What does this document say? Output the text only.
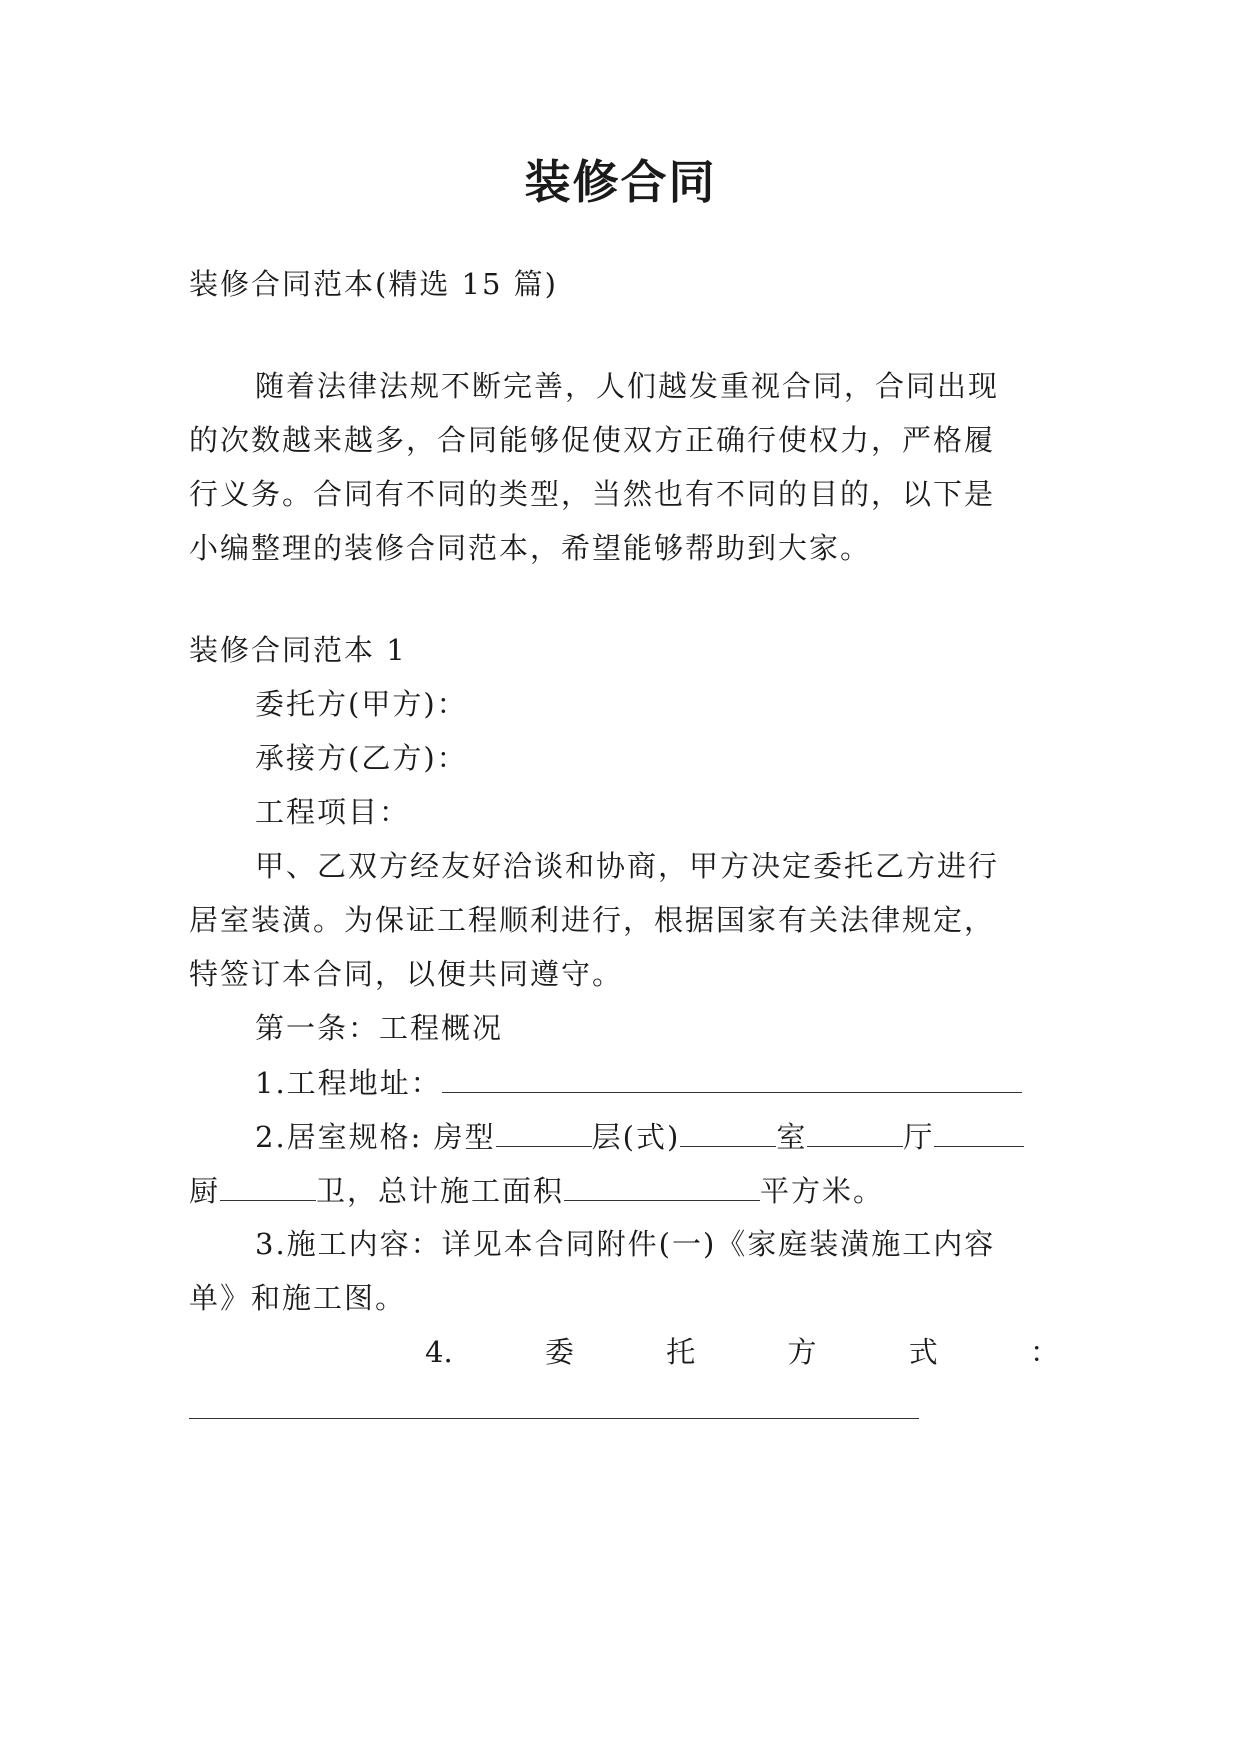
装修合同
装修合同范本(精选 15 篇)
随着法律法规不断完善，人们越发重视合同，合同出现
的次数越来越多，合同能够促使双方正确行使权力，严格履
行义务。合同有不同的类型，当然也有不同的目的，以下是
小编整理的装修合同范本，希望能够帮助到大家。
装修合同范本 1
委托方(甲方)：
承接方(乙方)：
工程项目：
甲、乙双方经友好洽谈和协商，甲方决定委托乙方进行
居室装潢。为保证工程顺利进行，根据国家有关法律规定，
特签订本合同，以便共同遵守。
第一条：工程概况
1.工程地址：
2.居室规格: 房型	层(式)	室	厅
厨	卫，总计施工面积	平方米。
3.施工内容：详见本合同附件(一)《家庭装潢施工内容
单》和施工图。
4.	委	托	方	式	：
